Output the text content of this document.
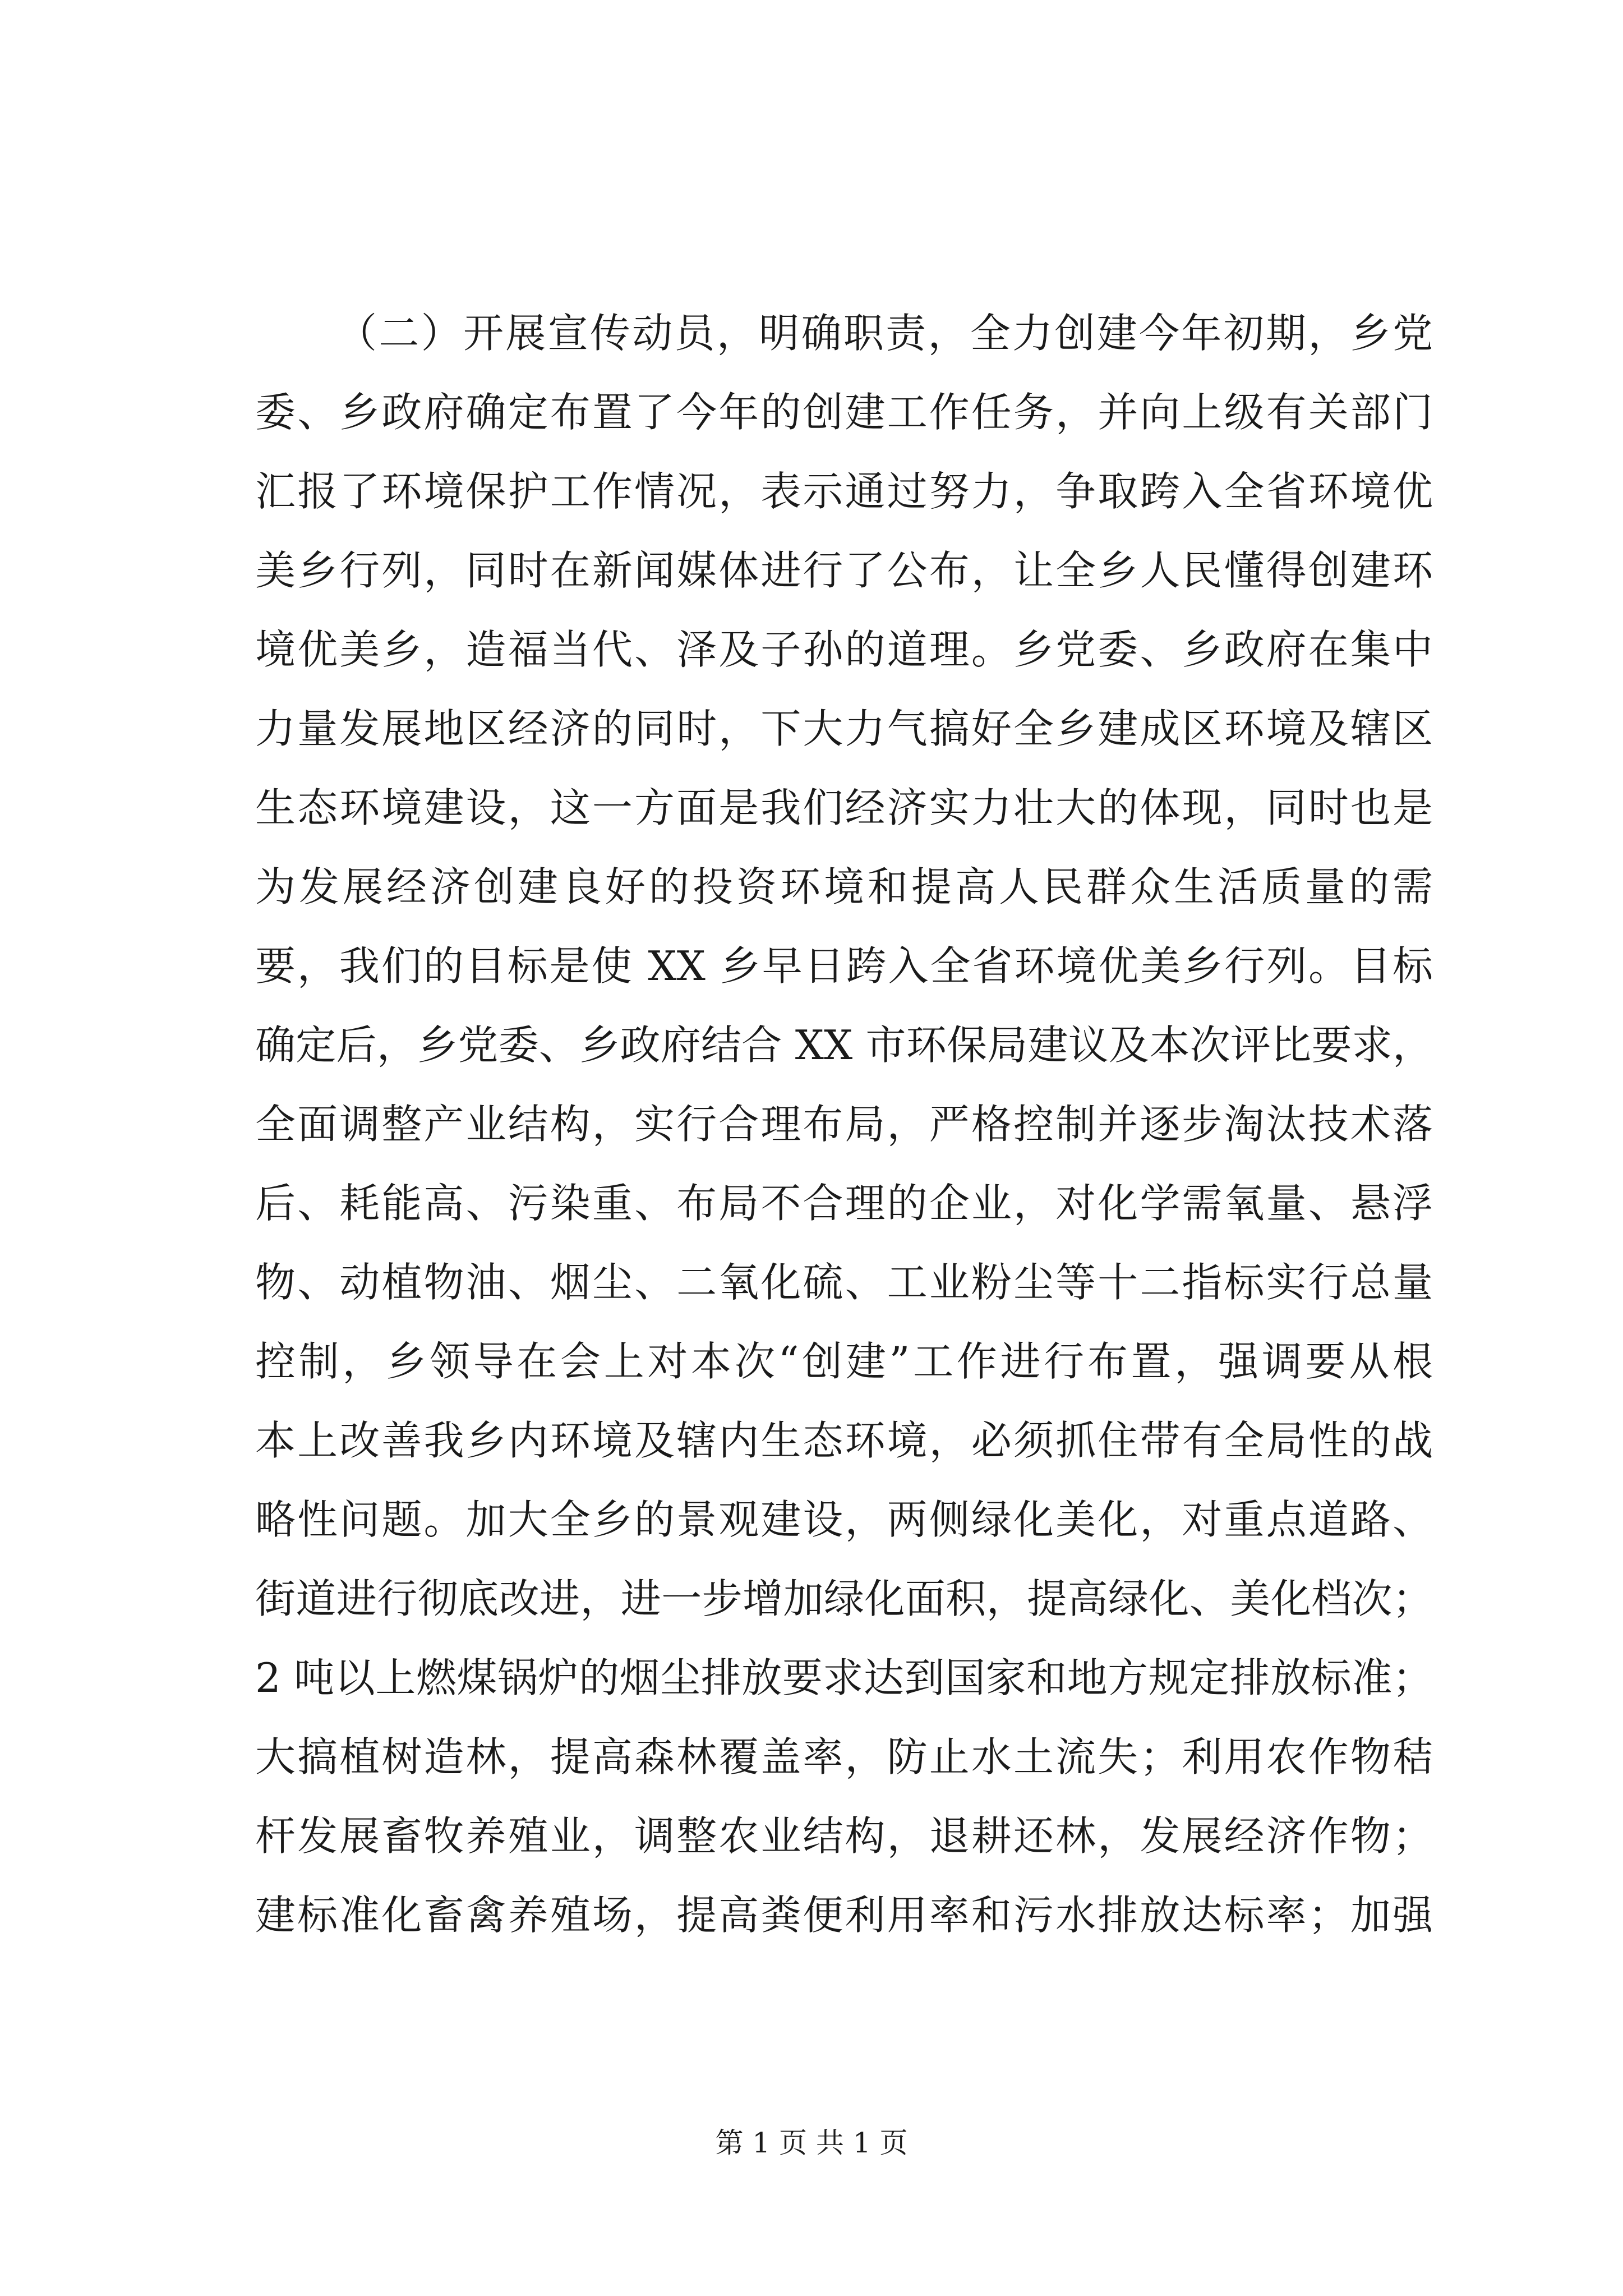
（二）开展宣传动员，明确职责，全力创建今年初期，乡党
委、乡政府确定布置了今年的创建工作任务，并向上级有关部门
汇报了环境保护工作情况，表示通过努力，争取跨入全省环境优
美乡行列，同时在新闻媒体进行了公布，让全乡人民懂得创建环
境优美乡，造福当代、泽及子孙的道理。乡党委、乡政府在集中
力量发展地区经济的同时，下大力气搞好全乡建成区环境及辖区
生态环境建设，这一方面是我们经济实力壮大的体现，同时也是
为发展经济创建良好的投资环境和提高人民群众生活质量的需
要，我们的目标是使 XX 乡早日跨入全省环境优美乡行列。目标
确定后，乡党委、乡政府结合 XX 市环保局建议及本次评比要求，
全面调整产业结构，实行合理布局，严格控制并逐步淘汰技术落
后、耗能高、污染重、布局不合理的企业，对化学需氧量、悬浮
物、动植物油、烟尘、二氧化硫、工业粉尘等十二指标实行总量
控制，乡领导在会上对本次“创建”工作进行布置，强调要从根
本上改善我乡内环境及辖内生态环境，必须抓住带有全局性的战
略性问题。加大全乡的景观建设，两侧绿化美化，对重点道路、
街道进行彻底改进，进一步增加绿化面积，提高绿化、美化档次；
2 吨以上燃煤锅炉的烟尘排放要求达到国家和地方规定排放标准；
大搞植树造林，提高森林覆盖率，防止水土流失；利用农作物秸
杆发展畜牧养殖业，调整农业结构，退耕还林，发展经济作物；
建标准化畜禽养殖场，提高粪便利用率和污水排放达标率；加强
第 1 页 共 1 页
